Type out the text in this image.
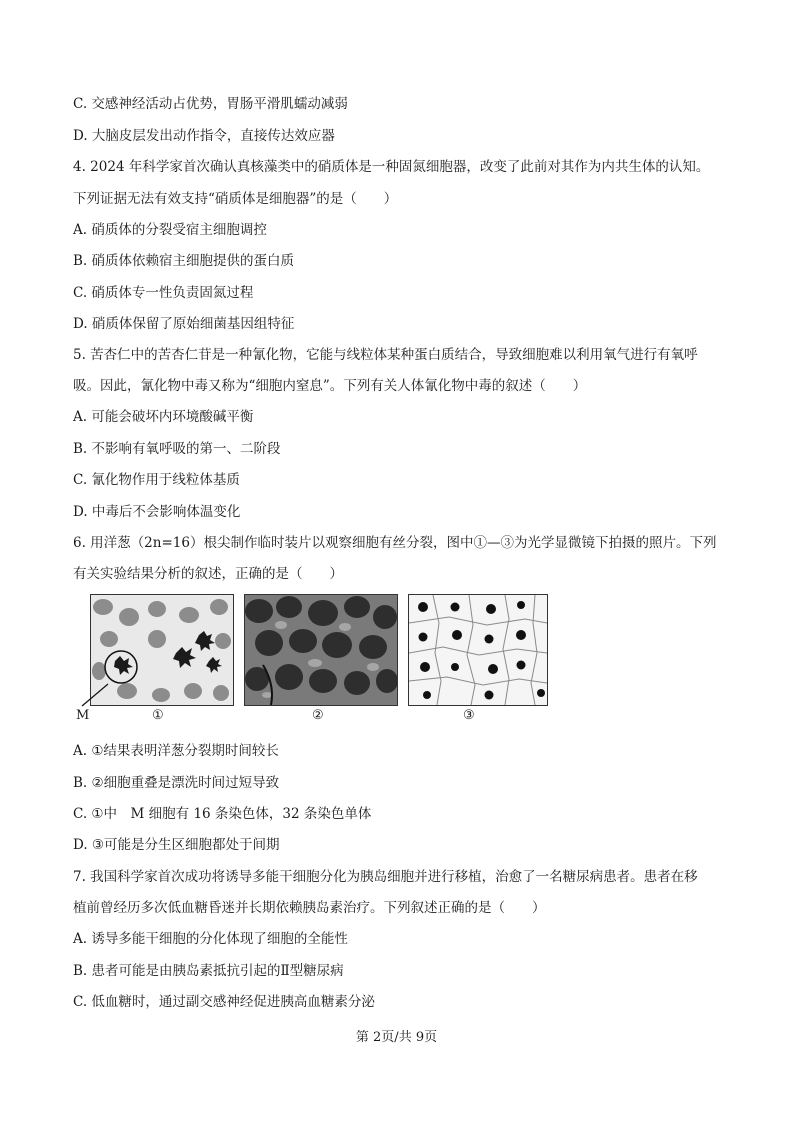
C. 交感神经活动占优势，胃肠平滑肌蠕动减弱
D. 大脑皮层发出动作指令，直接传达效应器
4. 2024 年科学家首次确认真核藻类中的硝质体是一种固氮细胞器，改变了此前对其作为内共生体的认知。
下列证据无法有效支持“硝质体是细胞器”的是（　　）
A. 硝质体的分裂受宿主细胞调控
B. 硝质体依赖宿主细胞提供的蛋白质
C. 硝质体专一性负责固氮过程
D. 硝质体保留了原始细菌基因组特征
5. 苦杏仁中的苦杏仁苷是一种氰化物，它能与线粒体某种蛋白质结合，导致细胞难以利用氧气进行有氧呼
吸。因此，氰化物中毒又称为“细胞内窒息”。下列有关人体氰化物中毒的叙述（　　）
A. 可能会破坏内环境酸碱平衡
B. 不影响有氧呼吸的第一、二阶段
C. 氰化物作用于线粒体基质
D. 中毒后不会影响体温变化
6. 用洋葱（2n=16）根尖制作临时装片以观察细胞有丝分裂，图中①—③为光学显微镜下拍摄的照片。下列
有关实验结果分析的叙述，正确的是（　　）
M	①	②	③
A. ①结果表明洋葱分裂期时间较长
B. ②细胞重叠是漂洗时间过短导致
C. ①中　M 细胞有 16 条染色体，32 条染色单体
D. ③可能是分生区细胞都处于间期
7. 我国科学家首次成功将诱导多能干细胞分化为胰岛细胞并进行移植，治愈了一名糖尿病患者。患者在移
植前曾经历多次低血糖昏迷并长期依赖胰岛素治疗。下列叙述正确的是（　　）
A. 诱导多能干细胞的分化体现了细胞的全能性
B. 患者可能是由胰岛素抵抗引起的Ⅱ型糖尿病
C. 低血糖时，通过副交感神经促进胰高血糖素分泌
第 2页/共 9页
